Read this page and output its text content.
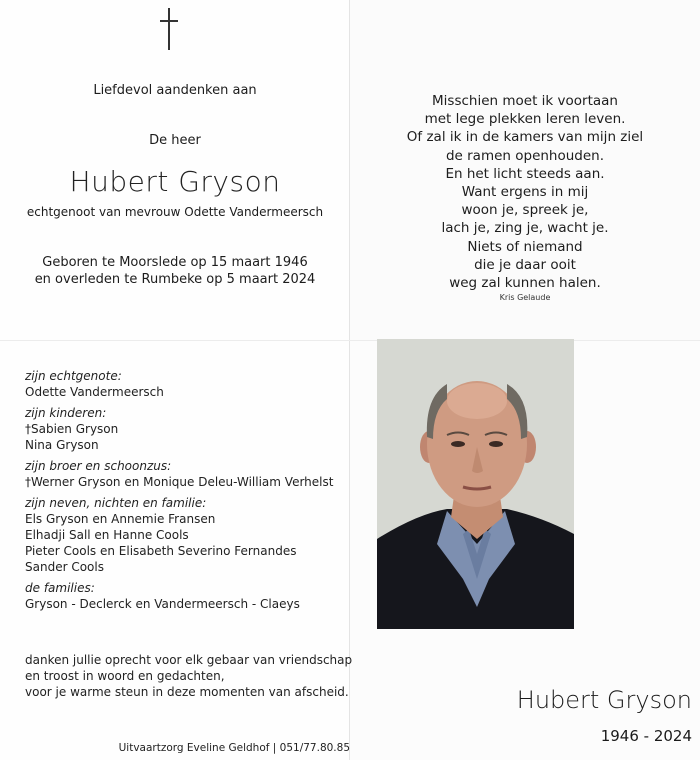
Liefdevol aandenken aan
De heer
Hubert Gryson
echtgenoot van mevrouw Odette Vandermeersch
Geboren te Moorslede op 15 maart 1946
en overleden te Rumbeke op 5 maart 2024
Misschien moet ik voortaan
met lege plekken leren leven.
Of zal ik in de kamers van mijn ziel
de ramen openhouden.
En het licht steeds aan.
Want ergens in mij
woon je, spreek je,
lach je, zing je, wacht je.
Niets of niemand
die je daar ooit
weg zal kunnen halen.
Kris Gelaude
zijn echtgenote:
Odette Vandermeersch
zijn kinderen:
†Sabien Gryson
Nina Gryson
zijn broer en schoonzus:
†Werner Gryson en Monique Deleu-William Verhelst
zijn neven, nichten en familie:
Els Gryson en Annemie Fransen
Elhadji Sall en Hanne Cools
Pieter Cools en Elisabeth Severino Fernandes
Sander Cools
de families:
Gryson - Declerck en Vandermeersch - Claeys
danken jullie oprecht voor elk gebaar van vriendschap
en troost in woord en gedachten,
voor je warme steun in deze momenten van afscheid.
Uitvaartzorg Eveline Geldhof | 051/77.80.85
Hubert Gryson
1946 - 2024
